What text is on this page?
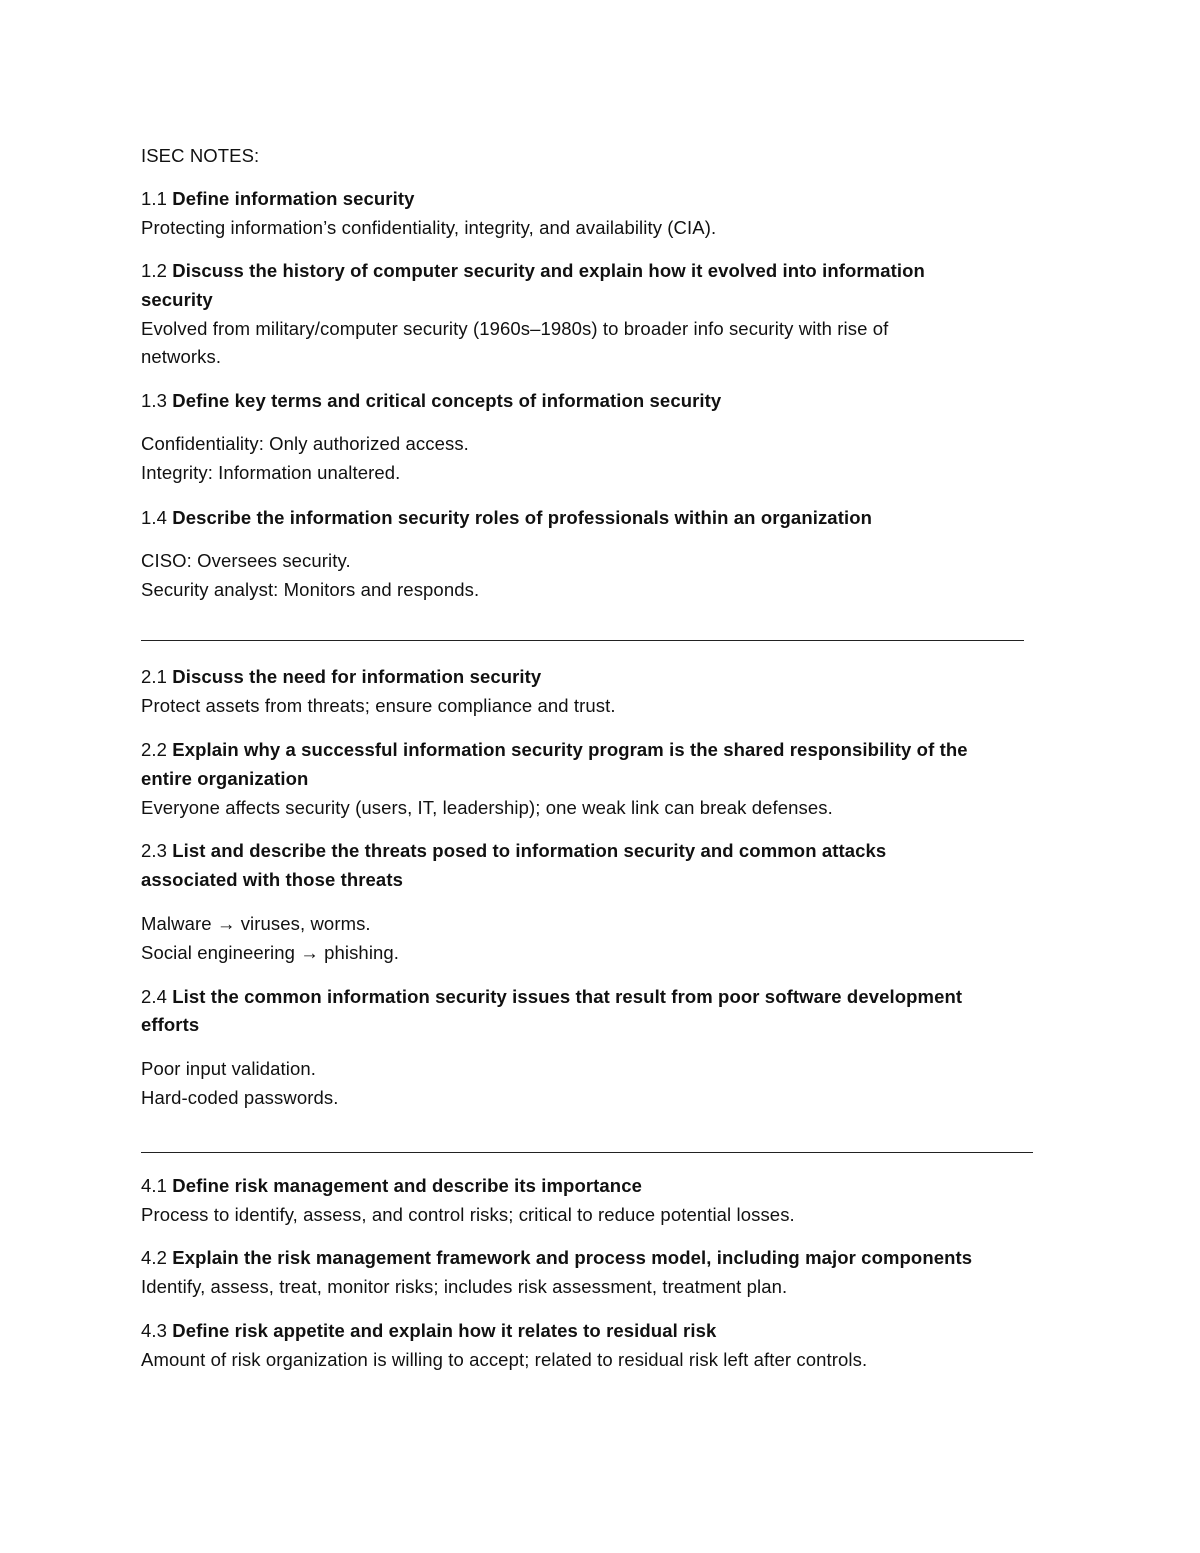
ISEC NOTES:
1.1 Define information security
Protecting information’s confidentiality, integrity, and availability (CIA).
1.2 Discuss the history of computer security and explain how it evolved into information
security
Evolved from military/computer security (1960s–1980s) to broader info security with rise of
networks.
1.3 Define key terms and critical concepts of information security
Confidentiality: Only authorized access.
Integrity: Information unaltered.
1.4 Describe the information security roles of professionals within an organization
CISO: Oversees security.
Security analyst: Monitors and responds.
2.1 Discuss the need for information security
Protect assets from threats; ensure compliance and trust.
2.2 Explain why a successful information security program is the shared responsibility of the
entire organization
Everyone affects security (users, IT, leadership); one weak link can break defenses.
2.3 List and describe the threats posed to information security and common attacks
associated with those threats
Malware → viruses, worms.
Social engineering → phishing.
2.4 List the common information security issues that result from poor software development
efforts
Poor input validation.
Hard-coded passwords.
4.1 Define risk management and describe its importance
Process to identify, assess, and control risks; critical to reduce potential losses.
4.2 Explain the risk management framework and process model, including major components
Identify, assess, treat, monitor risks; includes risk assessment, treatment plan.
4.3 Define risk appetite and explain how it relates to residual risk
Amount of risk organization is willing to accept; related to residual risk left after controls.
